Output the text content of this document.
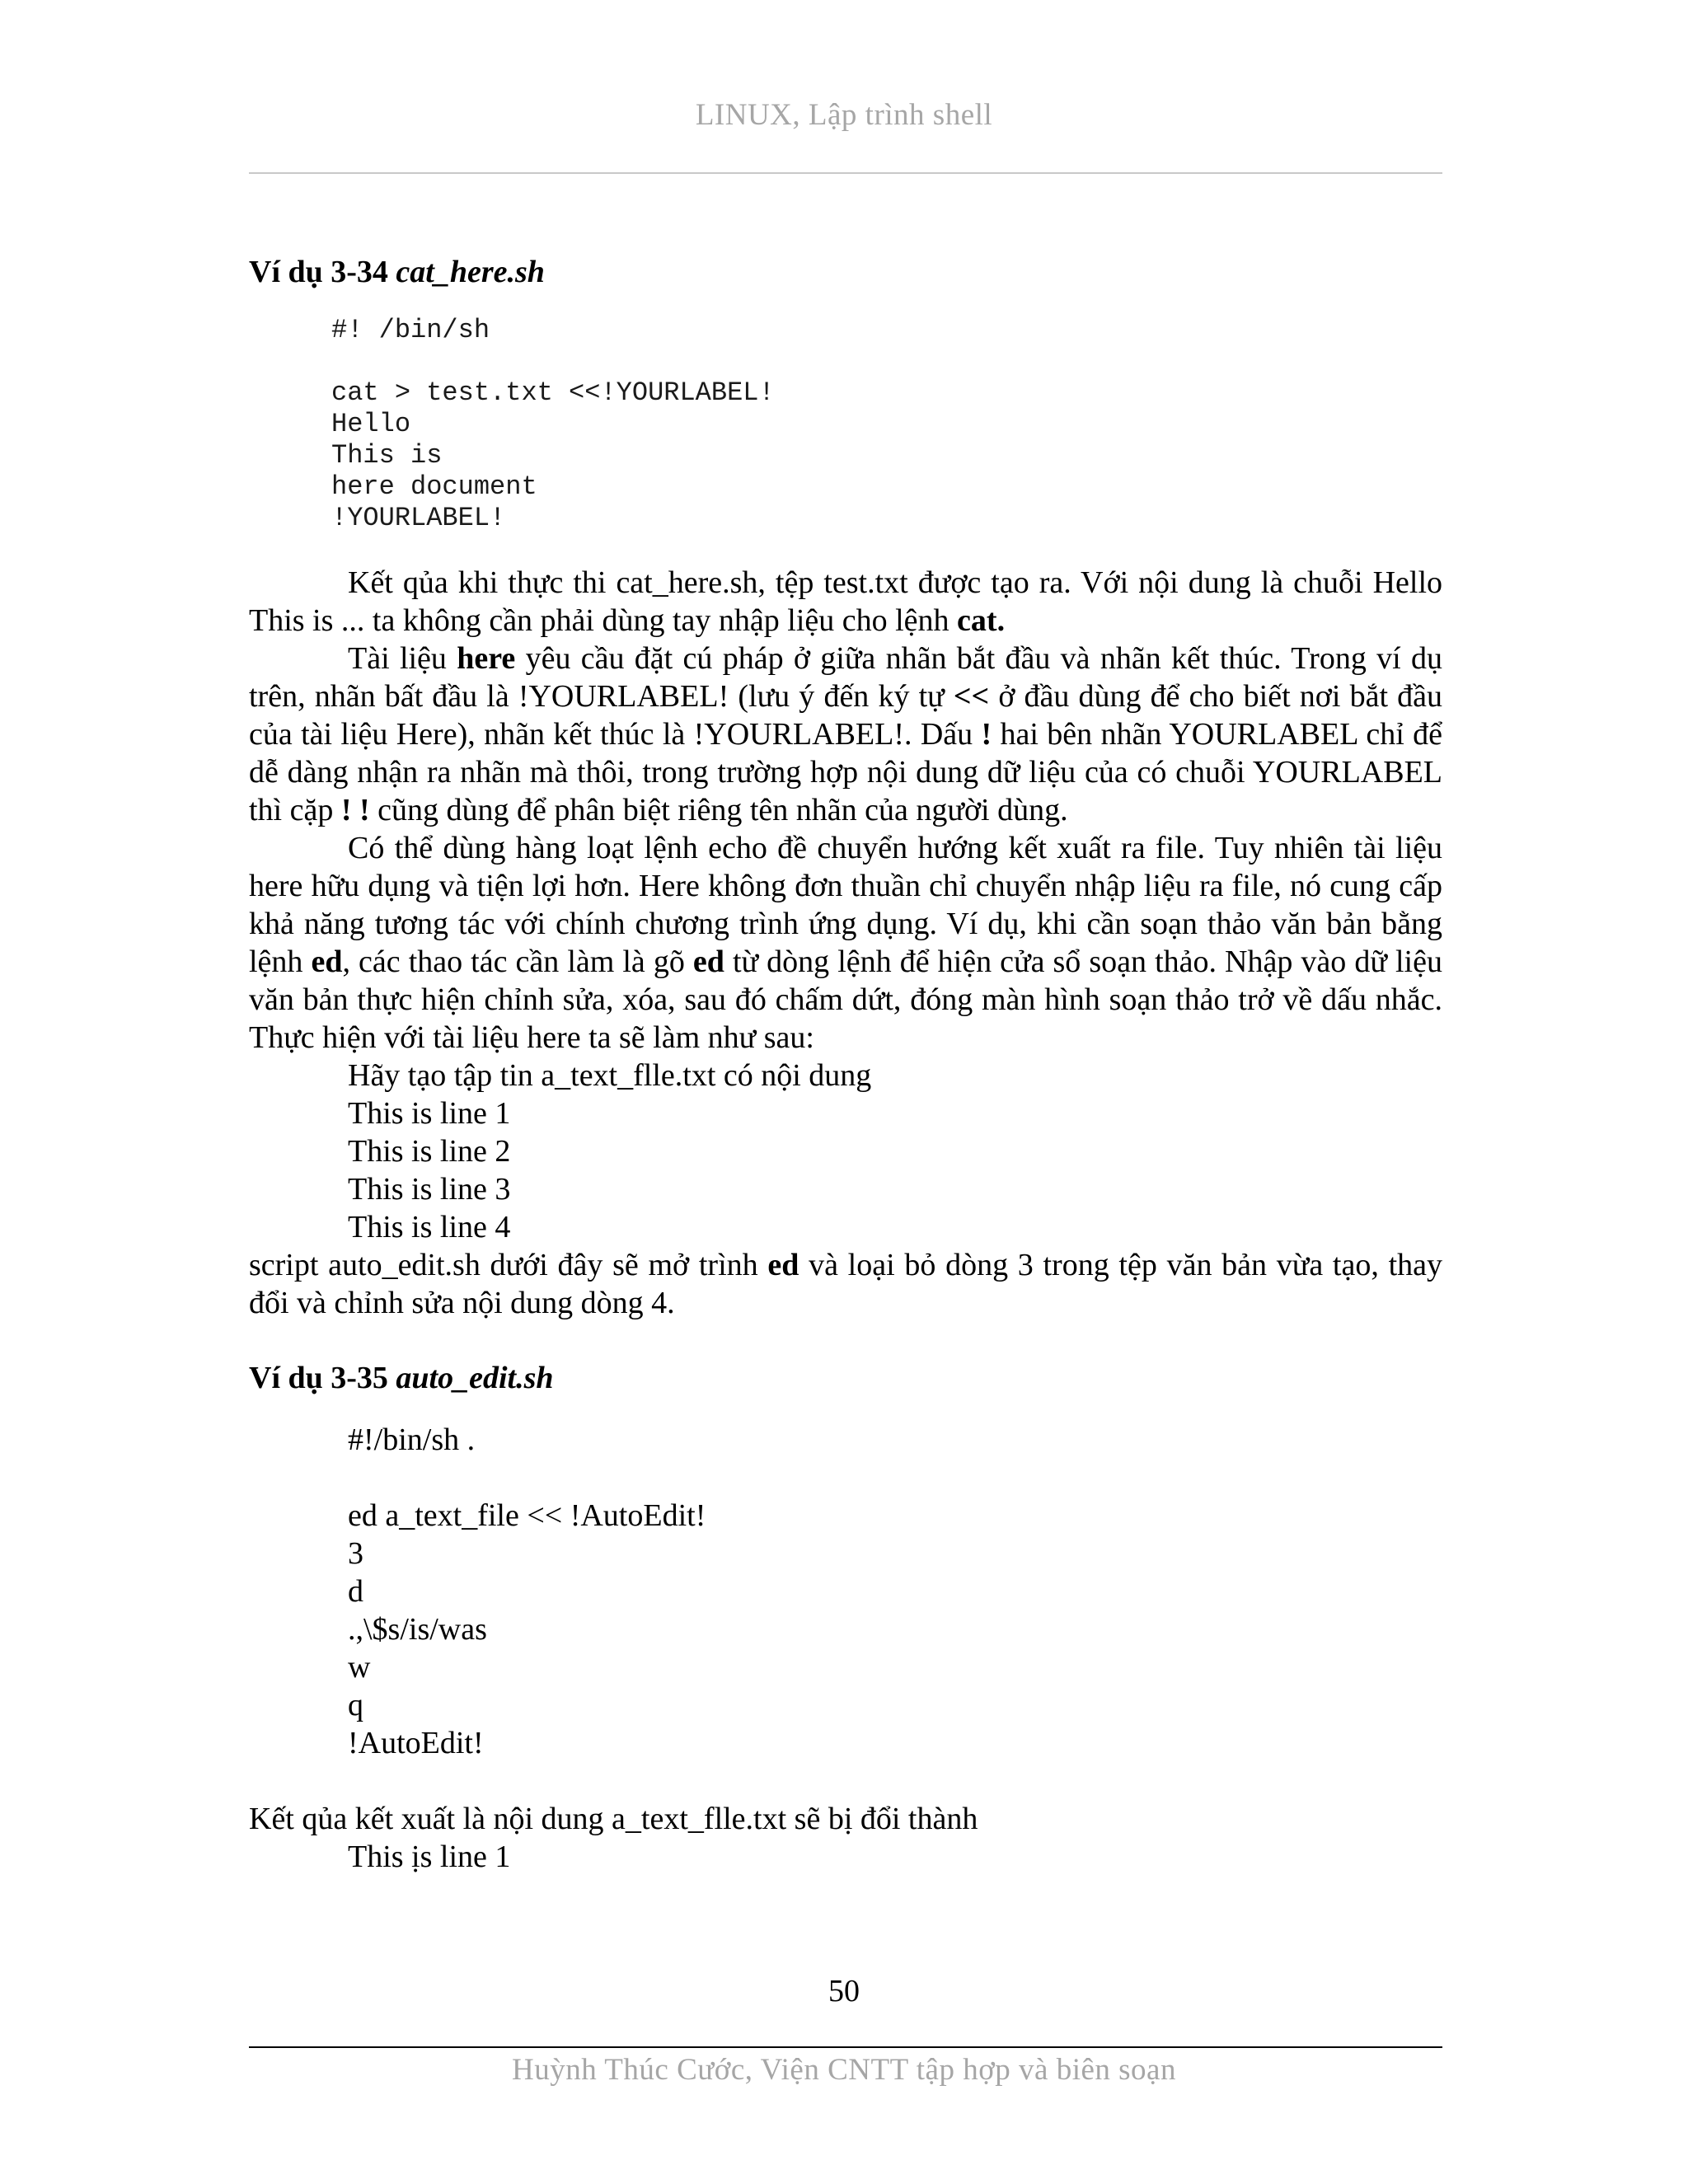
LINUX, Lập trình shell

Ví dụ 3-34 cat_here.sh

#! /bin/sh
cat > test.txt <<!YOURLABEL!
Hello
This is
here document
!YOURLABEL!

Kết qủa khi thực thi cat_here.sh, tệp test.txt được tạo ra. Với nội dung là chuỗi Hello This is ... ta không cần phải dùng tay nhập liệu cho lệnh cat.

Tài liệu here yêu cầu đặt cú pháp ở giữa nhãn bắt đầu và nhãn kết thúc. Trong ví dụ trên, nhãn bất đầu là !YOURLABEL! (lưu ý đến ký tự << ở đầu dùng để cho biết nơi bắt đầu của tài liệu Here), nhãn kết thúc là !YOURLABEL!. Dấu ! hai bên nhãn YOURLABEL chỉ để dễ dàng nhận ra nhãn mà thôi, trong trường hợp nội dung dữ liệu của có chuỗi YOURLABEL thì cặp ! ! cũng dùng để phân biệt riêng tên nhãn của người dùng.

Có thể dùng hàng loạt lệnh echo đề chuyển hướng kết xuất ra file. Tuy nhiên tài liệu here hữu dụng và tiện lợi hơn. Here không đơn thuần chỉ chuyển nhập liệu ra file, nó cung cấp khả năng tương tác với chính chương trình ứng dụng. Ví dụ, khi cần soạn thảo văn bản bằng lệnh ed, các thao tác cần làm là gõ ed từ dòng lệnh để hiện cửa sổ soạn thảo. Nhập vào dữ liệu văn bản thực hiện chỉnh sửa, xóa, sau đó chấm dứt, đóng màn hình soạn thảo trở về dấu nhắc. Thực hiện với tài liệu here ta sẽ làm như sau:

Hãy tạo tập tin a_text_flle.txt có nội dung

This is line 1

This is line 2

This is line 3

This is line 4

script auto_edit.sh dưới đây sẽ mở trình ed và loại bỏ dòng 3 trong tệp văn bản vừa tạo, thay đổi và chỉnh sửa nội dung dòng 4.

Ví dụ 3-35 auto_edit.sh

#!/bin/sh .
ed a_text_file << !AutoEdit!
3
d
.,\$s/is/was
w
q
!AutoEdit!

Kết qủa kết xuất là nội dung a_text_flle.txt sẽ bị đổi thành

This ịs line 1

50
Huỳnh Thúc Cước, Viện CNTT tập hợp và biên soạn
